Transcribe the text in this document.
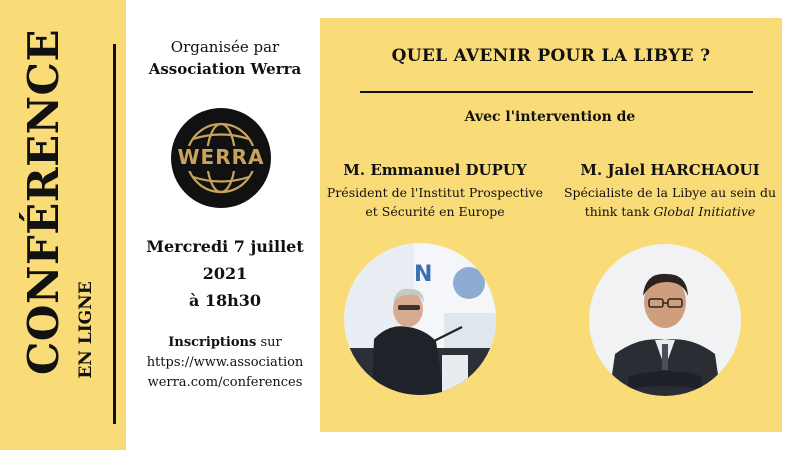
CONFÉRENCE EN LIGNE
Organisée par
Association Werra
WERRA
Mercredi 7 juillet
2021
à 18h30
Inscriptions sur
https://www.association
werra.com/conferences
QUEL AVENIR POUR LA LIBYE ?
Avec l'intervention de
M. Emmanuel DUPUY
Président de l'Institut Prospective
et Sécurité en Europe
M. Jalel HARCHAOUI
Spécialiste de la Libye au sein du
think tank Global Initiative
N
